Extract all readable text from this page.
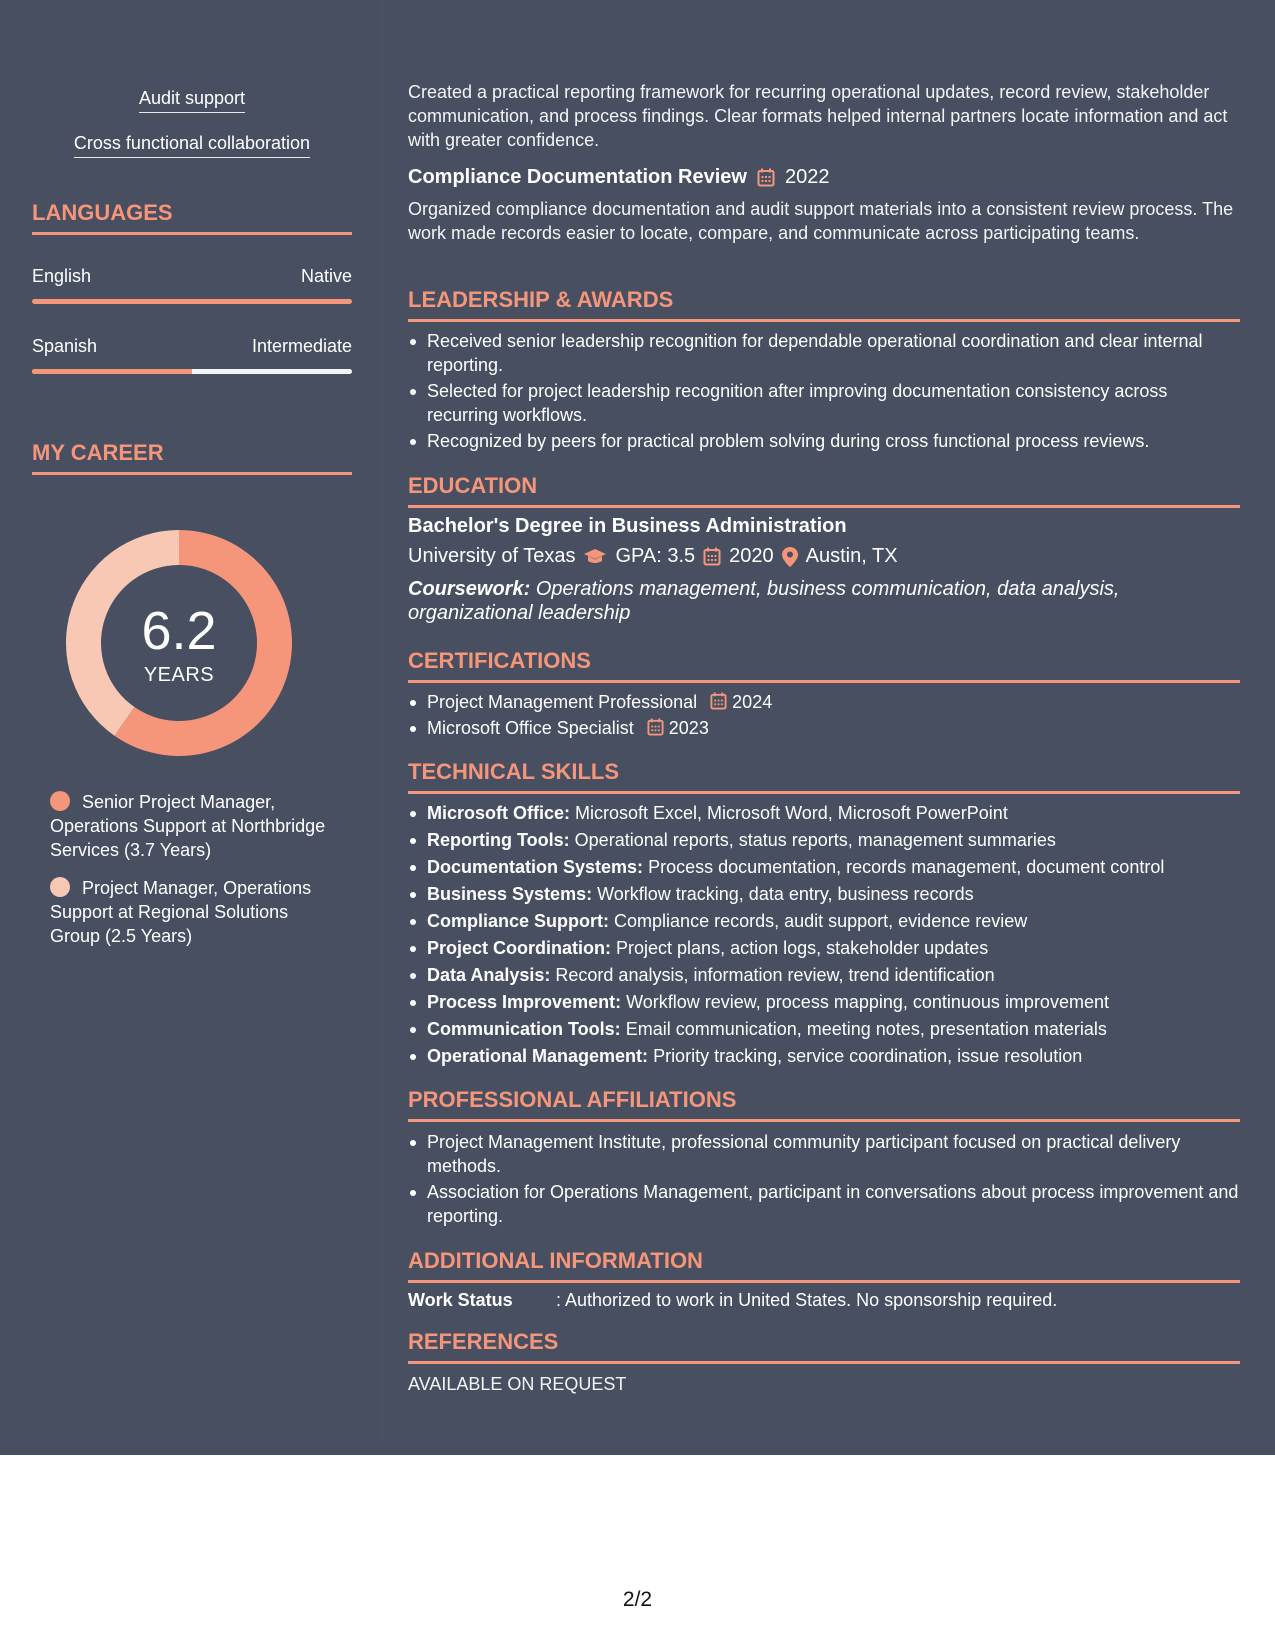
Audit support
Cross functional collaboration
LANGUAGES
English	Native
Spanish	Intermediate
MY CAREER
6.2
YEARS
Senior Project Manager, Operations Support at Northbridge Services (3.7 Years)
Project Manager, Operations Support at Regional Solutions Group (2.5 Years)
Created a practical reporting framework for recurring operational updates, record review, stakeholder communication, and process findings. Clear formats helped internal partners locate information and act with greater confidence.
Compliance Documentation Review 2022
Organized compliance documentation and audit support materials into a consistent review process. The work made records easier to locate, compare, and communicate across participating teams.
LEADERSHIP & AWARDS
Received senior leadership recognition for dependable operational coordination and clear internal reporting.
Selected for project leadership recognition after improving documentation consistency across recurring workflows.
Recognized by peers for practical problem solving during cross functional process reviews.
EDUCATION
Bachelor's Degree in Business Administration
University of Texas GPA: 3.5 2020 Austin, TX
Coursework: Operations management, business communication, data analysis, organizational leadership
CERTIFICATIONS
Project Management Professional 2024
Microsoft Office Specialist 2023
TECHNICAL SKILLS
Microsoft Office: Microsoft Excel, Microsoft Word, Microsoft PowerPoint
Reporting Tools: Operational reports, status reports, management summaries
Documentation Systems: Process documentation, records management, document control
Business Systems: Workflow tracking, data entry, business records
Compliance Support: Compliance records, audit support, evidence review
Project Coordination: Project plans, action logs, stakeholder updates
Data Analysis: Record analysis, information review, trend identification
Process Improvement: Workflow review, process mapping, continuous improvement
Communication Tools: Email communication, meeting notes, presentation materials
Operational Management: Priority tracking, service coordination, issue resolution
PROFESSIONAL AFFILIATIONS
Project Management Institute, professional community participant focused on practical delivery methods.
Association for Operations Management, participant in conversations about process improvement and reporting.
ADDITIONAL INFORMATION
Work Status	: Authorized to work in United States. No sponsorship required.
REFERENCES
AVAILABLE ON REQUEST
2/2
